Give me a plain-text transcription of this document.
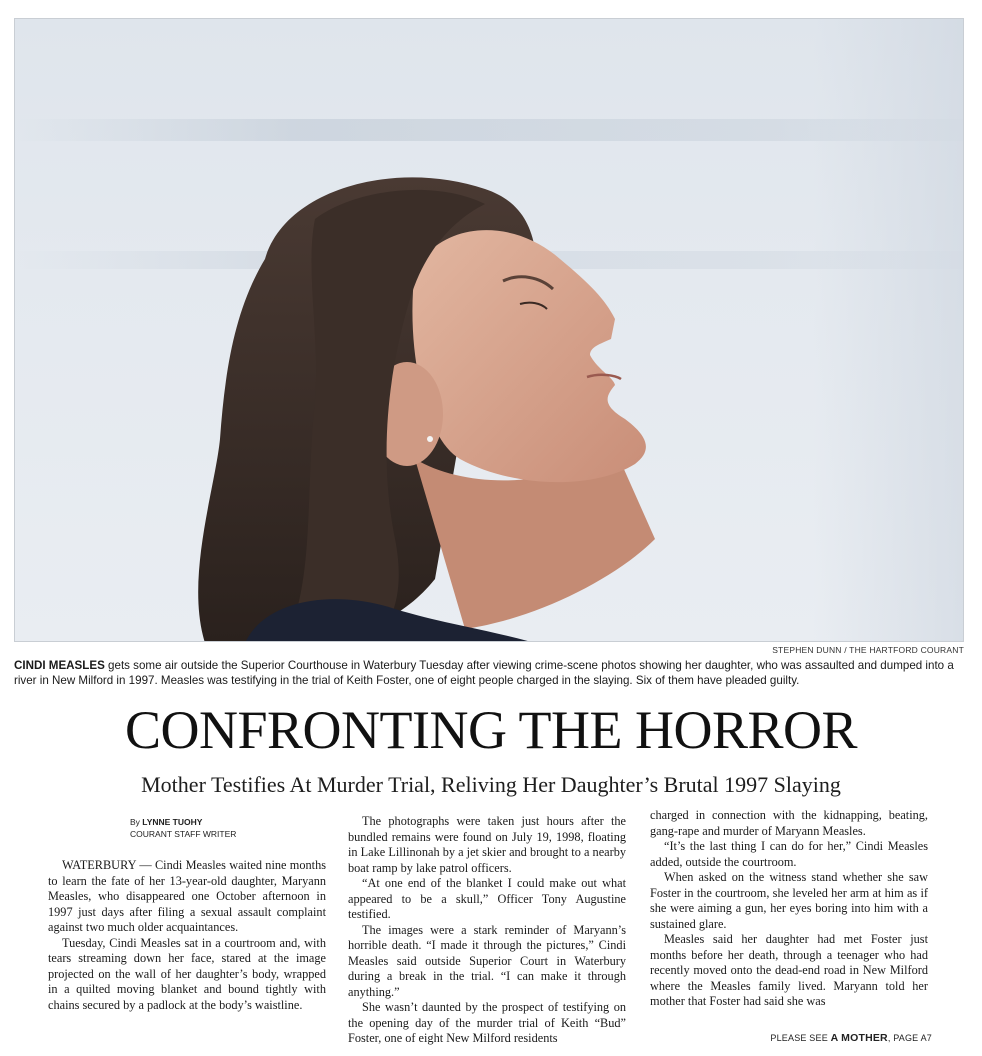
STEPHEN DUNN / THE HARTFORD COURANT
CINDI MEASLES gets some air outside the Superior Courthouse in Waterbury Tuesday after viewing crime-scene photos showing her daughter, who was assaulted and dumped into a river in New Milford in 1997. Measles was testifying in the trial of Keith Foster, one of eight people charged in the slaying. Six of them have pleaded guilty.
CONFRONTING THE HORROR
Mother Testifies At Murder Trial, Reliving Her Daughter’s Brutal 1997 Slaying
By LYNNE TUOHY
COURANT STAFF WRITER

WATERBURY — Cindi Measles waited nine months to learn the fate of her 13-year-old daughter, Maryann Measles, who disappeared one October afternoon in 1997 just days after filing a sexual assault complaint against two much older acquaintances.

Tuesday, Cindi Measles sat in a courtroom and, with tears streaming down her face, stared at the image projected on the wall of her daughter’s body, wrapped in a quilted moving blanket and bound tightly with chains secured by a padlock at the body’s waistline.

The photographs were taken just hours after the bundled remains were found on July 19, 1998, floating in Lake Lillinonah by a jet skier and brought to a nearby boat ramp by lake patrol officers.

“At one end of the blanket I could make out what appeared to be a skull,” Officer Tony Augustine testified.

The images were a stark reminder of Maryann’s horrible death. “I made it through the pictures,” Cindi Measles said outside Superior Court in Waterbury during a break in the trial. “I can make it through anything.”

She wasn’t daunted by the prospect of testifying on the opening day of the murder trial of Keith “Bud” Foster, one of eight New Milford residents

charged in connection with the kidnapping, beating, gang-rape and murder of Maryann Measles.

“It’s the last thing I can do for her,” Cindi Measles added, outside the courtroom.

When asked on the witness stand whether she saw Foster in the courtroom, she leveled her arm at him as if she were aiming a gun, her eyes boring into him with a sustained glare.

Measles said her daughter had met Foster just months before her death, through a teenager who had recently moved onto the dead-end road in New Milford where the Measles family lived. Maryann told her mother that Foster had said she was

PLEASE SEE A MOTHER, PAGE A7
